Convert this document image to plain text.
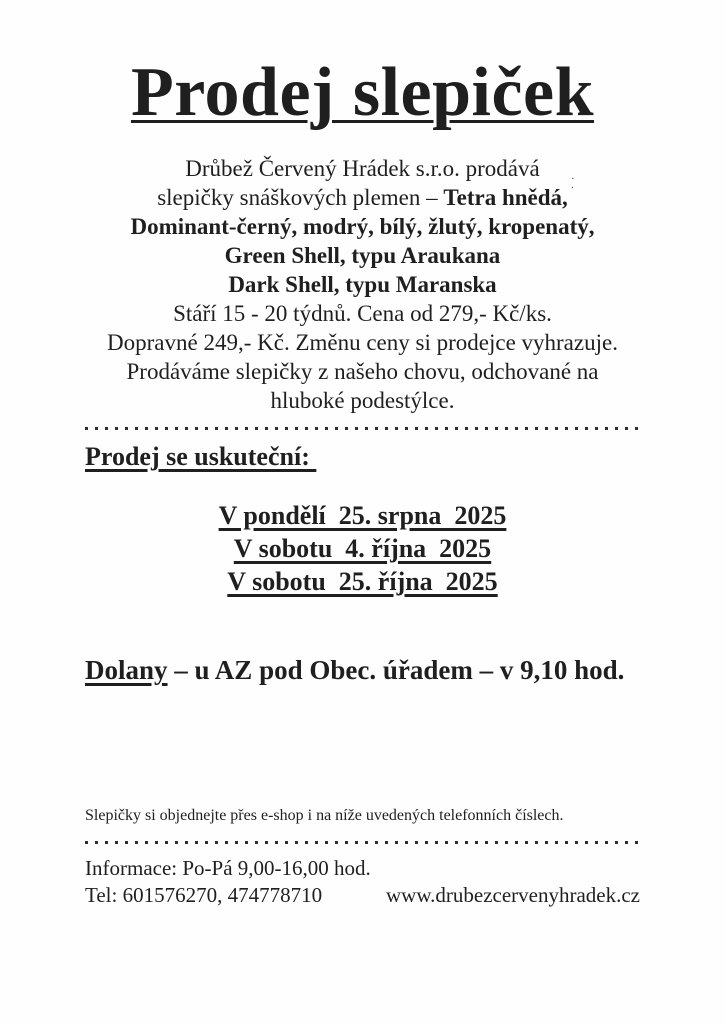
· .
Prodej slepiček
Drůbež Červený Hrádek s.r.o. prodává
slepičky snáškových plemen – Tetra hnědá,
Dominant-černý, modrý, bílý, žlutý, kropenatý,
Green Shell, typu Araukana
Dark Shell, typu Maranska
Stáří 15 - 20 týdnů. Cena od 279,- Kč/ks.
Dopravné 249,- Kč. Změnu ceny si prodejce vyhrazuje.
Prodáváme slepičky z našeho chovu, odchované na
hluboké podestýlce.
Prodej se uskuteční:
V pondělí  25. srpna  2025
V sobotu  4. října  2025
V sobotu  25. října  2025
Dolany – u AZ pod Obec. úřadem – v 9,10 hod.
Slepičky si objednejte přes e-shop i na níže uvedených telefonních číslech.
Informace: Po-Pá 9,00-16,00 hod.
Tel: 601576270, 474778710	www.drubezcervenyhradek.cz
